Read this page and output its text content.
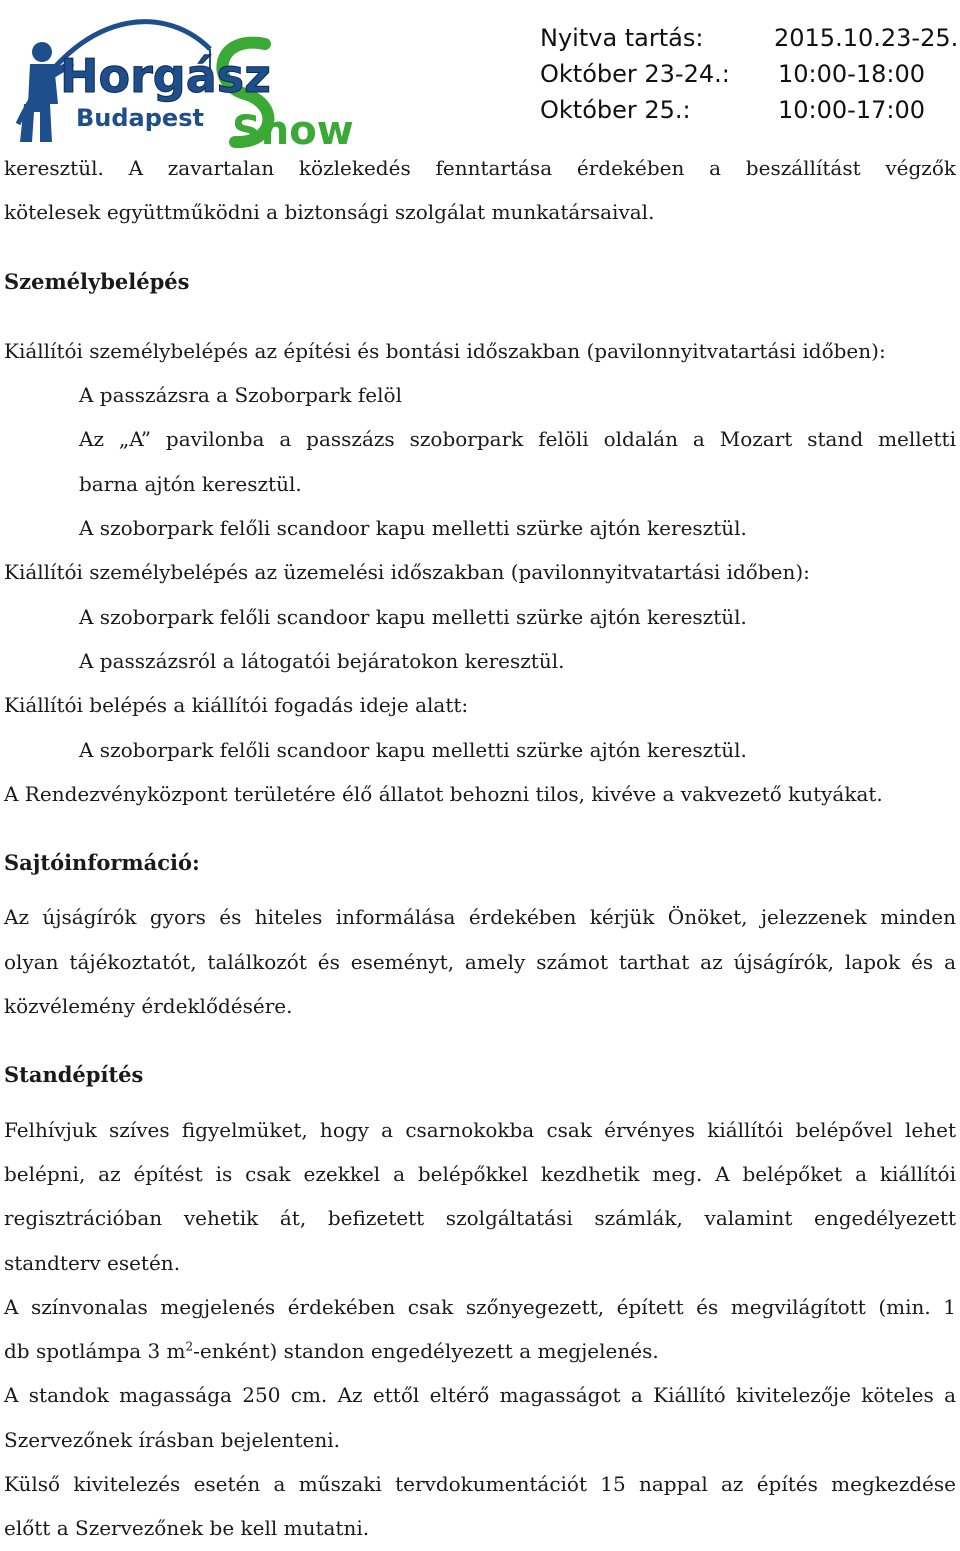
Horgász
Budapest Show
Nyitva tartás:	2015.10.23-25.
Október 23-24.: 10:00-18:00
Október 25.:	10:00-17:00
keresztül. A zavartalan közlekedés fenntartása érdekében a beszállítást végzők
kötelesek együttműködni a biztonsági szolgálat munkatársaival.
Személybelépés
Kiállítói személybelépés az építési és bontási időszakban (pavilonnyitvatartási időben):
A passzázsra a Szoborpark felöl
Az „A” pavilonba a passzázs szoborpark felöli oldalán a Mozart stand melletti
barna ajtón keresztül.
A szoborpark felőli scandoor kapu melletti szürke ajtón keresztül.
Kiállítói személybelépés az üzemelési időszakban (pavilonnyitvatartási időben):
A szoborpark felőli scandoor kapu melletti szürke ajtón keresztül.
A passzázsról a látogatói bejáratokon keresztül.
Kiállítói belépés a kiállítói fogadás ideje alatt:
A szoborpark felőli scandoor kapu melletti szürke ajtón keresztül.
A Rendezvényközpont területére élő állatot behozni tilos, kivéve a vakvezető kutyákat.
Sajtóinformáció:
Az újságírók gyors és hiteles informálása érdekében kérjük Önöket, jelezzenek minden
olyan tájékoztatót, találkozót és eseményt, amely számot tarthat az újságírók, lapok és a
közvélemény érdeklődésére.
Standépítés
Felhívjuk szíves figyelmüket, hogy a csarnokokba csak érvényes kiállítói belépővel lehet
belépni, az építést is csak ezekkel a belépőkkel kezdhetik meg. A belépőket a kiállítói
regisztrációban vehetik át, befizetett szolgáltatási számlák, valamint engedélyezett
standterv esetén.
A színvonalas megjelenés érdekében csak szőnyegezett, épített és megvilágított (min. 1
db spotlámpa 3 $m^2-enként$) standon engedélyezett a megjelenés.
A standok magassága 250 cm. Az ettől eltérő magasságot a Kiállító kivitelezője köteles a
Szervezőnek írásban bejelenteni.
Külső kivitelezés esetén a műszaki tervdokumentációt 15 nappal az építés megkezdése
előtt a Szervezőnek be kell mutatni.
